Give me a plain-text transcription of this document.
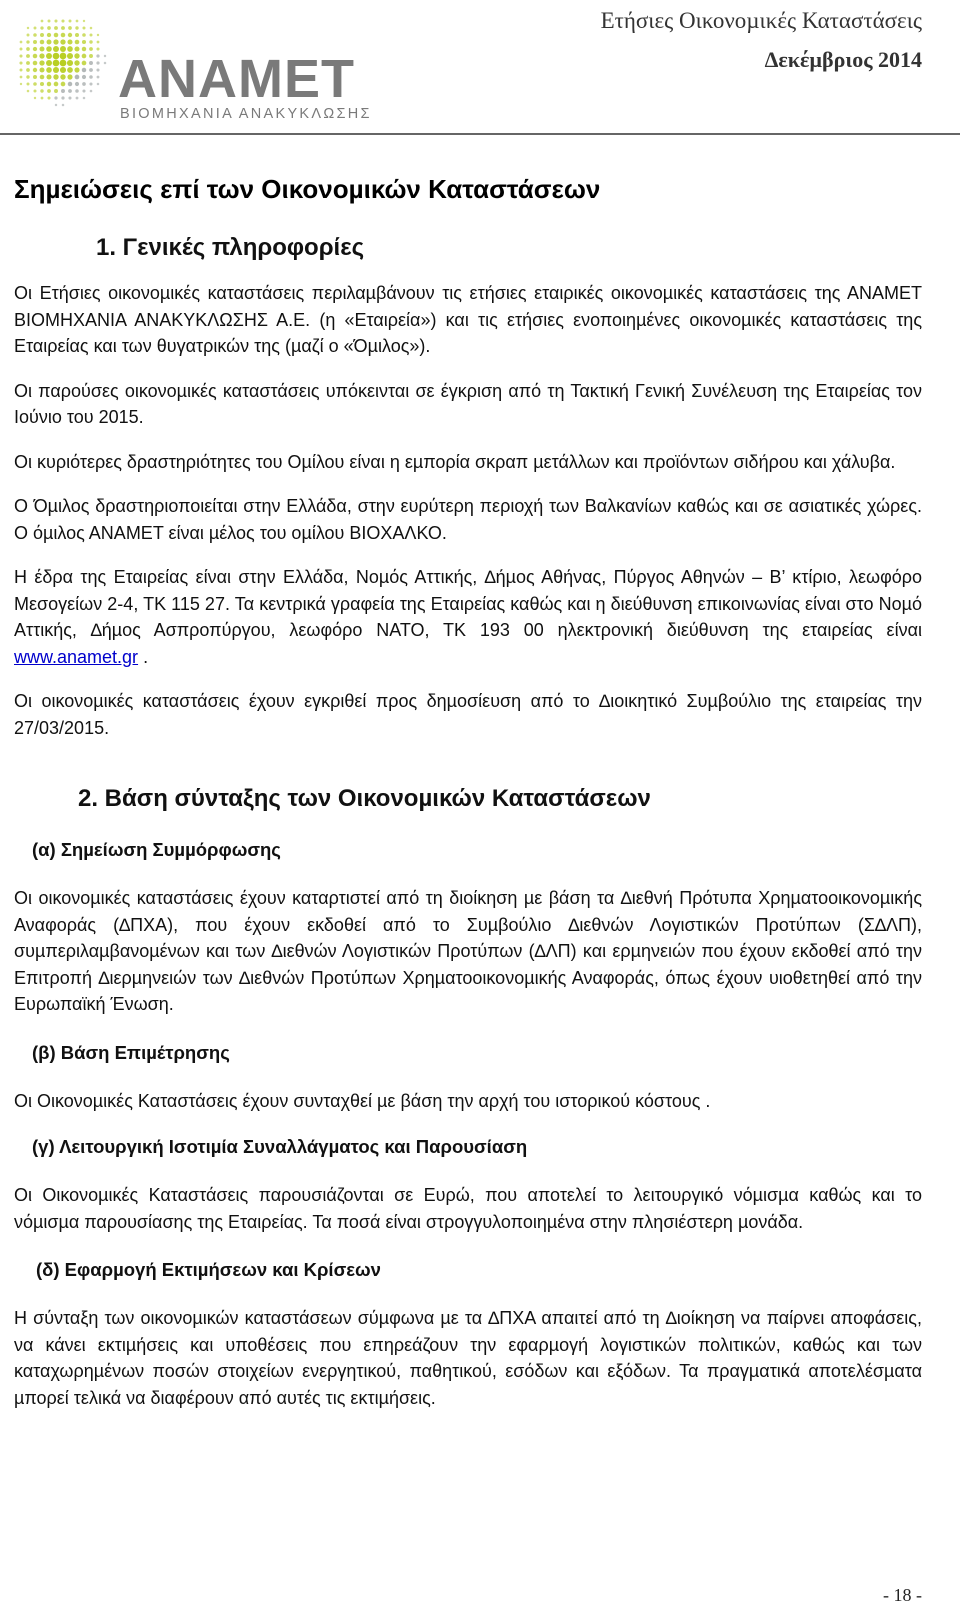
ΑΝΑΜΕΤ
ΒΙΟΜΗΧΑΝΙΑ ΑΝΑΚΥΚΛΩΣΗΣ
Ετήσιες Οικονοµικές Καταστάσεις
∆εκέµβριος 2014
Σηµειώσεις επί των Οικονοµικών Καταστάσεων
1. Γενικές πληροφορίες

Οι Ετήσιες οικονοµικές καταστάσεις περιλαµβάνουν τις ετήσιες εταιρικές οικονοµικές καταστάσεις της ΑΝΑΜΕΤ ΒΙΟΜΗΧΑΝΙΑ ΑΝΑΚΥΚΛΩΣΗΣ Α.Ε. (η «Εταιρεία») και τις ετήσιες ενοποιηµένες οικονοµικές καταστάσεις της Εταιρείας και των θυγατρικών της (µαζί ο «Όµιλος»).

Οι παρούσες οικονοµικές καταστάσεις υπόκεινται σε έγκριση από τη Τακτική Γενική Συνέλευση της Εταιρείας τον Ιούνιο του 2015.

Οι κυριότερες δραστηριότητες του Οµίλου είναι η εµπορία σκραπ µετάλλων και προϊόντων σιδήρου και χάλυβα.

Ο Όµιλος δραστηριοποιείται στην Ελλάδα, στην ευρύτερη περιοχή των Βαλκανίων καθώς και σε ασιατικές χώρες. Ο όµιλος ΑΝΑΜΕΤ είναι µέλος του οµίλου ΒΙΟΧΑΛΚΟ.

Η έδρα της Εταιρείας είναι στην Ελλάδα, Νοµός Αττικής, ∆ήµος Αθήνας, Πύργος Αθηνών – Β’ κτίριο, λεωφόρο Μεσογείων 2-4, ΤΚ 115 27. Τα κεντρικά γραφεία της Εταιρείας καθώς και η διεύθυνση επικοινωνίας είναι στο Νοµό Αττικής, ∆ήµος Ασπροπύργου, λεωφόρο ΝΑΤΟ, ΤΚ 193 00 ηλεκτρονική διεύθυνση της εταιρείας είναι www.anamet.gr .

Οι οικονοµικές καταστάσεις έχουν εγκριθεί προς δηµοσίευση από το ∆ιοικητικό Συµβούλιο της εταιρείας την 27/03/2015.

2. Βάση σύνταξης των Οικονοµικών Καταστάσεων
(α) Σηµείωση Συµµόρφωσης

Οι οικονοµικές καταστάσεις έχουν καταρτιστεί από τη διοίκηση µε βάση τα ∆ιεθνή Πρότυπα Χρηµατοοικονοµικής Αναφοράς (∆ΠΧΑ), που έχουν εκδοθεί από το Συµβούλιο ∆ιεθνών Λογιστικών Προτύπων (Σ∆ΛΠ), συµπεριλαµβανοµένων και των ∆ιεθνών Λογιστικών Προτύπων (∆ΛΠ) και ερµηνειών που έχουν εκδοθεί από την Επιτροπή ∆ιερµηνειών των ∆ιεθνών Προτύπων Χρηµατοοικονοµικής Αναφοράς, όπως έχουν υιοθετηθεί από την Ευρωπαϊκή Ένωση.

(β) Βάση Επιµέτρησης

Οι Οικονοµικές Καταστάσεις έχουν συνταχθεί µε βάση την αρχή του ιστορικού κόστους .

(γ) Λειτουργική Ισοτιµία Συναλλάγµατος και Παρουσίαση

Οι Οικονοµικές Καταστάσεις παρουσιάζονται σε Ευρώ, που αποτελεί το λειτουργικό νόµισµα καθώς και το νόµισµα παρουσίασης της Εταιρείας. Τα ποσά είναι στρογγυλοποιηµένα στην πλησιέστερη µονάδα.

(δ) Εφαρµογή Εκτιµήσεων και Κρίσεων

Η σύνταξη των οικονοµικών καταστάσεων σύµφωνα µε τα ∆ΠΧΑ απαιτεί από τη ∆ιοίκηση να παίρνει αποφάσεις, να κάνει εκτιµήσεις και υποθέσεις που επηρεάζουν την εφαρµογή λογιστικών πολιτικών, καθώς και των καταχωρηµένων ποσών στοιχείων ενεργητικού, παθητικού, εσόδων και εξόδων. Τα πραγµατικά αποτελέσµατα µπορεί τελικά να διαφέρουν από αυτές τις εκτιµήσεις.

- 18 -
